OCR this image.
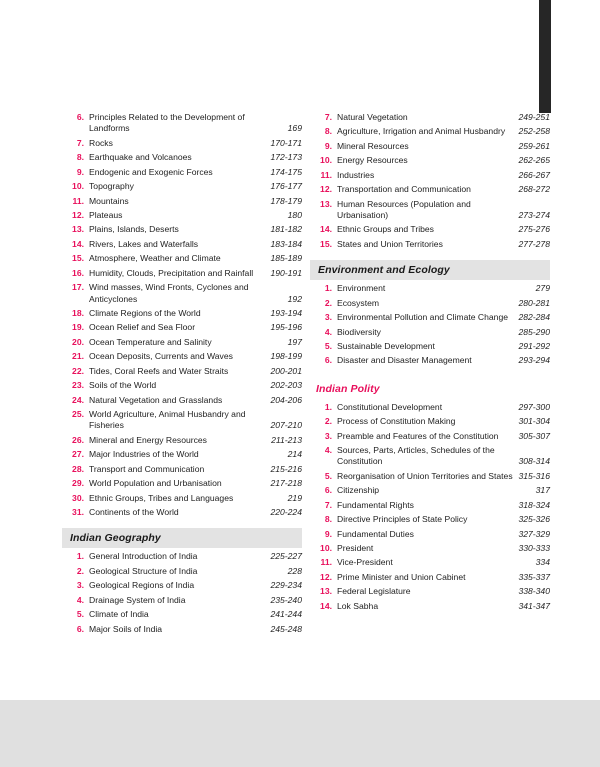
6. Principles Related to the Development of Landforms	169
7. Rocks	170-171
8. Earthquake and Volcanoes	172-173
9. Endogenic and Exogenic Forces	174-175
10. Topography	176-177
11. Mountains	178-179
12. Plateaus	180
13. Plains, Islands, Deserts	181-182
14. Rivers, Lakes and Waterfalls	183-184
15. Atmosphere, Weather and Climate	185-189
16. Humidity, Clouds, Precipitation and Rainfall	190-191
17. Wind masses, Wind Fronts, Cyclones and Anticyclones	192
18. Climate Regions of the World	193-194
19. Ocean Relief and Sea Floor	195-196
20. Ocean Temperature and Salinity	197
21. Ocean Deposits, Currents and Waves	198-199
22. Tides, Coral Reefs and Water Straits	200-201
23. Soils of the World	202-203
24. Natural Vegetation and Grasslands	204-206
25. World Agriculture, Animal Husbandry and Fisheries	207-210
26. Mineral and Energy Resources	211-213
27. Major Industries of the World	214
28. Transport and Communication	215-216
29. World Population and Urbanisation	217-218
30. Ethnic Groups, Tribes and Languages	219
31. Continents of the World	220-224
Indian Geography
1. General Introduction of India	225-227
2. Geological Structure of India	228
3. Geological Regions of India	229-234
4. Drainage System of India	235-240
5. Climate of India	241-244
6. Major Soils of India	245-248
7. Natural Vegetation	249-251
8. Agriculture, Irrigation and Animal Husbandry	252-258
9. Mineral Resources	259-261
10. Energy Resources	262-265
11. Industries	266-267
12. Transportation and Communication	268-272
13. Human Resources (Population and Urbanisation)	273-274
14. Ethnic Groups and Tribes	275-276
15. States and Union Territories	277-278
Environment and Ecology
1. Environment	279
2. Ecosystem	280-281
3. Environmental Pollution and Climate Change	282-284
4. Biodiversity	285-290
5. Sustainable Development	291-292
6. Disaster and Disaster Management	293-294
Indian Polity
1. Constitutional Development	297-300
2. Process of Constitution Making	301-304
3. Preamble and Features of the Constitution	305-307
4. Sources, Parts, Articles, Schedules of the Constitution	308-314
5. Reorganisation of Union Territories and States 315-316
6. Citizenship	317
7. Fundamental Rights	318-324
8. Directive Principles of State Policy	325-326
9. Fundamental Duties	327-329
10. President	330-333
11. Vice-President	334
12. Prime Minister and Union Cabinet	335-337
13. Federal Legislature	338-340
14. Lok Sabha	341-347
